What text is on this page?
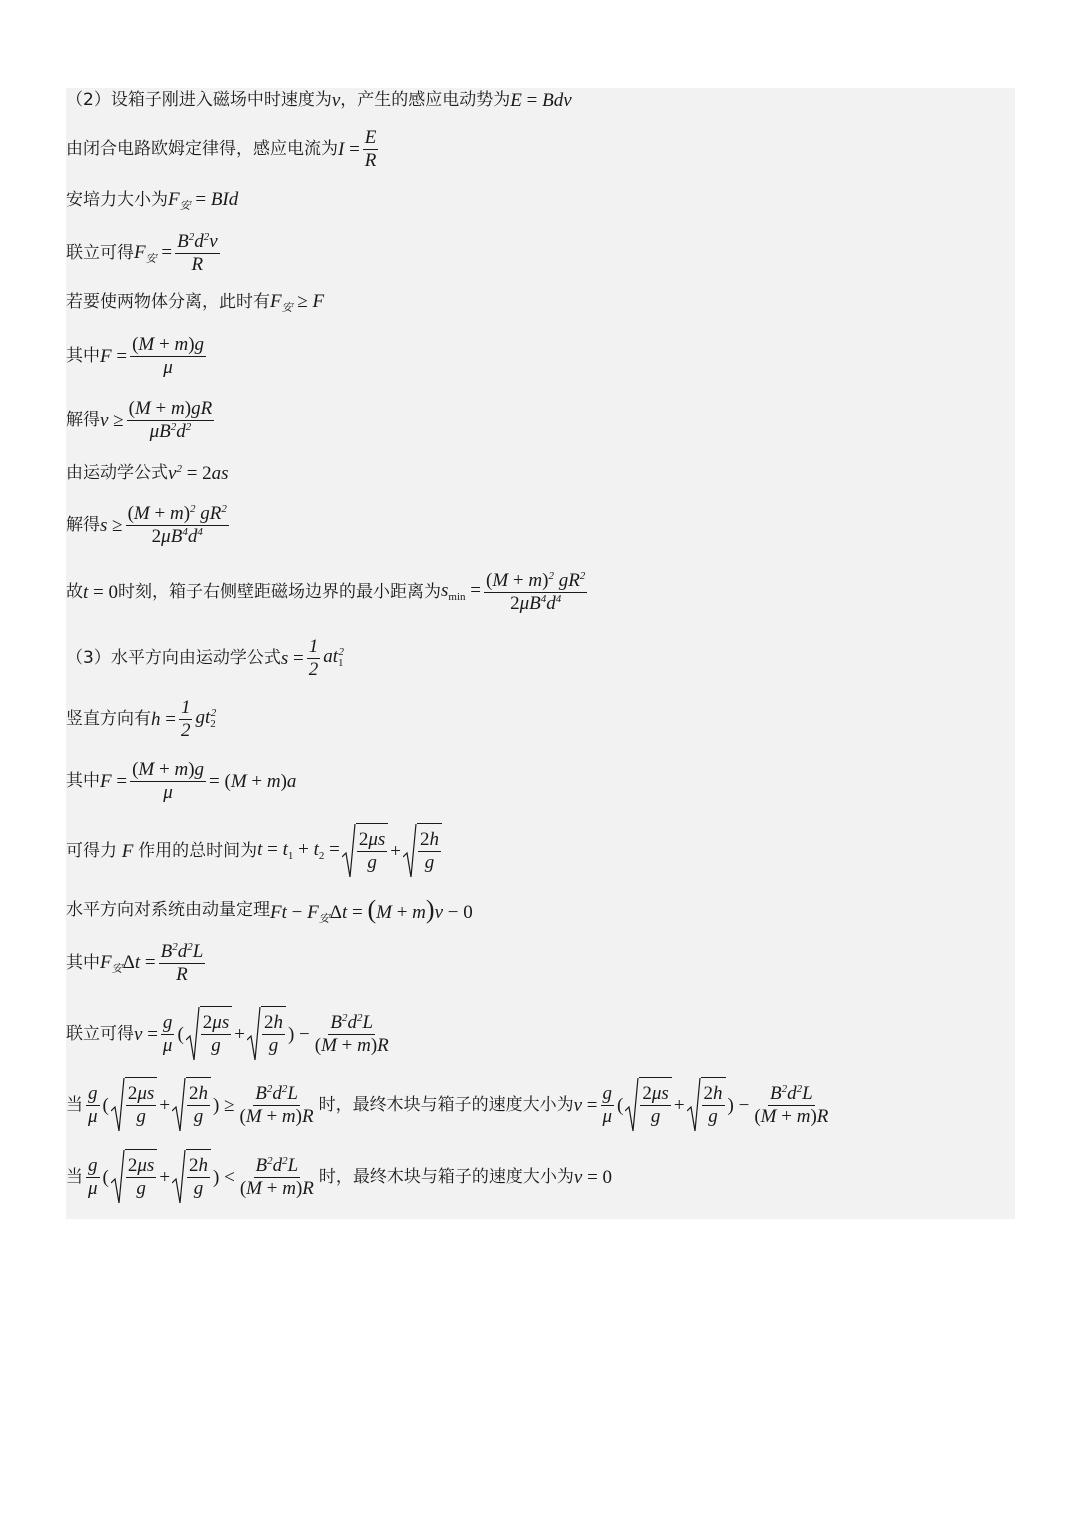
（2）设箱子刚进入磁场中时速度为 v ，产生的感应电动势为 E = Bdv
由闭合电路欧姆定律得，感应电流为 $I = \frac{E}{R}$
安培力大小为 $F_安$ = BId
联立可得 $F_安 = \frac{B^2d^2v}{R}$
若要使两物体分离，此时有 $F_安 \ge F$
其中 $F = \frac{(M + m)g}{\mu}$
解得 $v \ge \frac{(M + m)gR}{\mu B^2d^2}$
由运动学公式 $v^2 = 2as$
解得 $s \ge \frac{(M + m)^2 gR^2}{2\mu B^4d^4}$
故 t = 0 时刻，箱子右侧壁距磁场边界的最小距离为 $s_{min} = \frac{(M + m)^2 gR^2}{2\mu B^4d^4}$
（3）水平方向由运动学公式 $s = \frac{1}{2} at_1^2$
竖直方向有 $h = \frac{1}{2} gt_2^2$
其中 $F = \frac{(M + m)g}{\mu} = (M + m)a$
可得力 F 作用的总时间为 $t = t_1 + t_2 = \frac{2\mu s}{g} + \frac{2h}{g}$
水平方向对系统由动量定理 $Ft - F_安\Delta t = (M + m)v - 0$
其中 $F_安\Delta t = \frac{B^2d^2L}{R}$
联立可得 $v = \frac{g}{\mu}$ ( $\frac{2\mu s}{g} + \frac{2h}{g}$ ) − $\frac{B^2d^2L}{(M + m)R}$
当 $\frac{g}{\mu}$ ( $\frac{2\mu s}{g} + \frac{2h}{g}$ ) ≥ $\frac{B^2d^2L}{(M + m)R}$ 时，最终木块与箱子的速度大小为 $v = \frac{g}{\mu}$ ( $\frac{2\mu s}{g} + \frac{2h}{g}$ ) − $\frac{B^2d^2L}{(M + m)R}$
当 $\frac{g}{\mu}$ ( $\frac{2\mu s}{g} + \frac{2h}{g}$ ) < $\frac{B^2d^2L}{(M + m)R}$ 时，最终木块与箱子的速度大小为 v = 0
